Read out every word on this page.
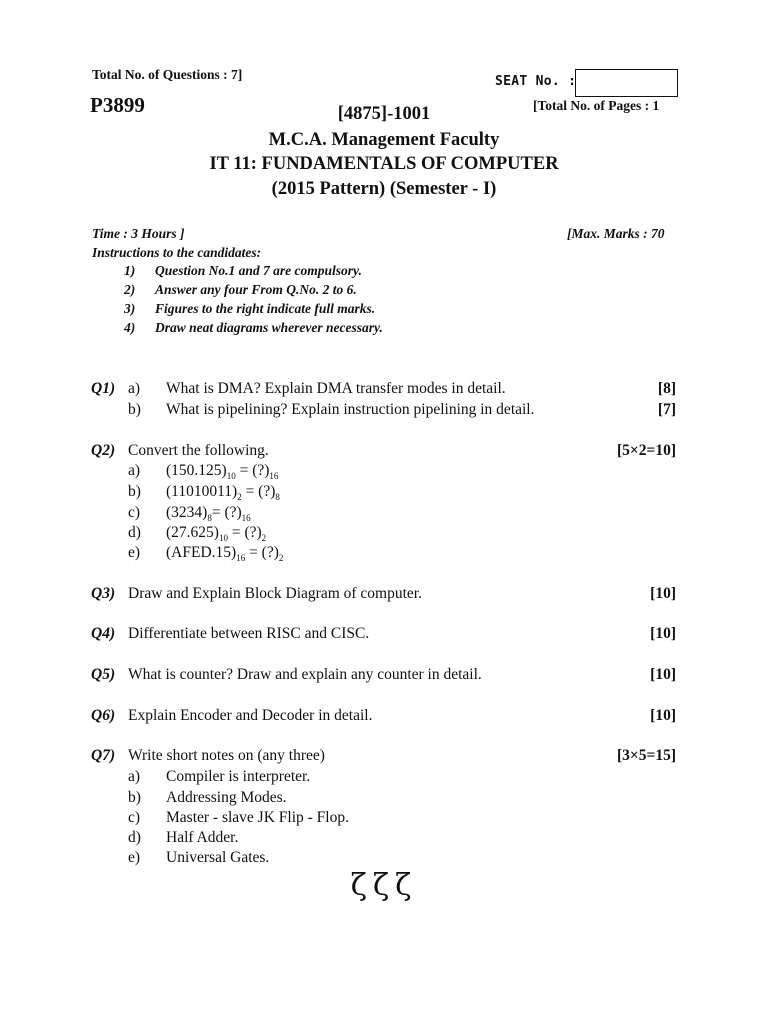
Total No. of Questions : 7]
P3899
SEAT No. :
[Total No. of Pages : 1
[4875]-1001
M.C.A. Management Faculty
IT 11: FUNDAMENTALS OF COMPUTER
(2015 Pattern) (Semester - I)
Time : 3 Hours ]	[Max. Marks : 70
Instructions to the candidates:
1) Question No.1 and 7 are compulsory.
2) Answer any four From Q.No. 2 to 6.
3) Figures to the right indicate full marks.
4) Draw neat diagrams wherever necessary.
Q1) a) What is DMA? Explain DMA transfer modes in detail.	[8]
b) What is pipelining? Explain instruction pipelining in detail.	[7]
Q2) Convert the following.	[5×2=10]
a) $(150.125)_{10}$ = $(?)_{16}$
b) $(11010011)_2$ = $(?)_8$
c) $(3234)_8=$ $(?)_{16}$
d) $(27.625)_{10}$ = $(?)_2$
e) $(AFED.15)_{16}$ = $(?)_2$
Q3) Draw and Explain Block Diagram of computer.	[10]
Q4) Differentiate between RISC and CISC.	[10]
Q5) What is counter? Draw and explain any counter in detail.	[10]
Q6) Explain Encoder and Decoder in detail.	[10]
Q7) Write short notes on (any three)	[3×5=15]
a) Compiler is interpreter.
b) Addressing Modes.
c) Master - slave JK Flip - Flop.
d) Half Adder.
e) Universal Gates.
ζζζ
